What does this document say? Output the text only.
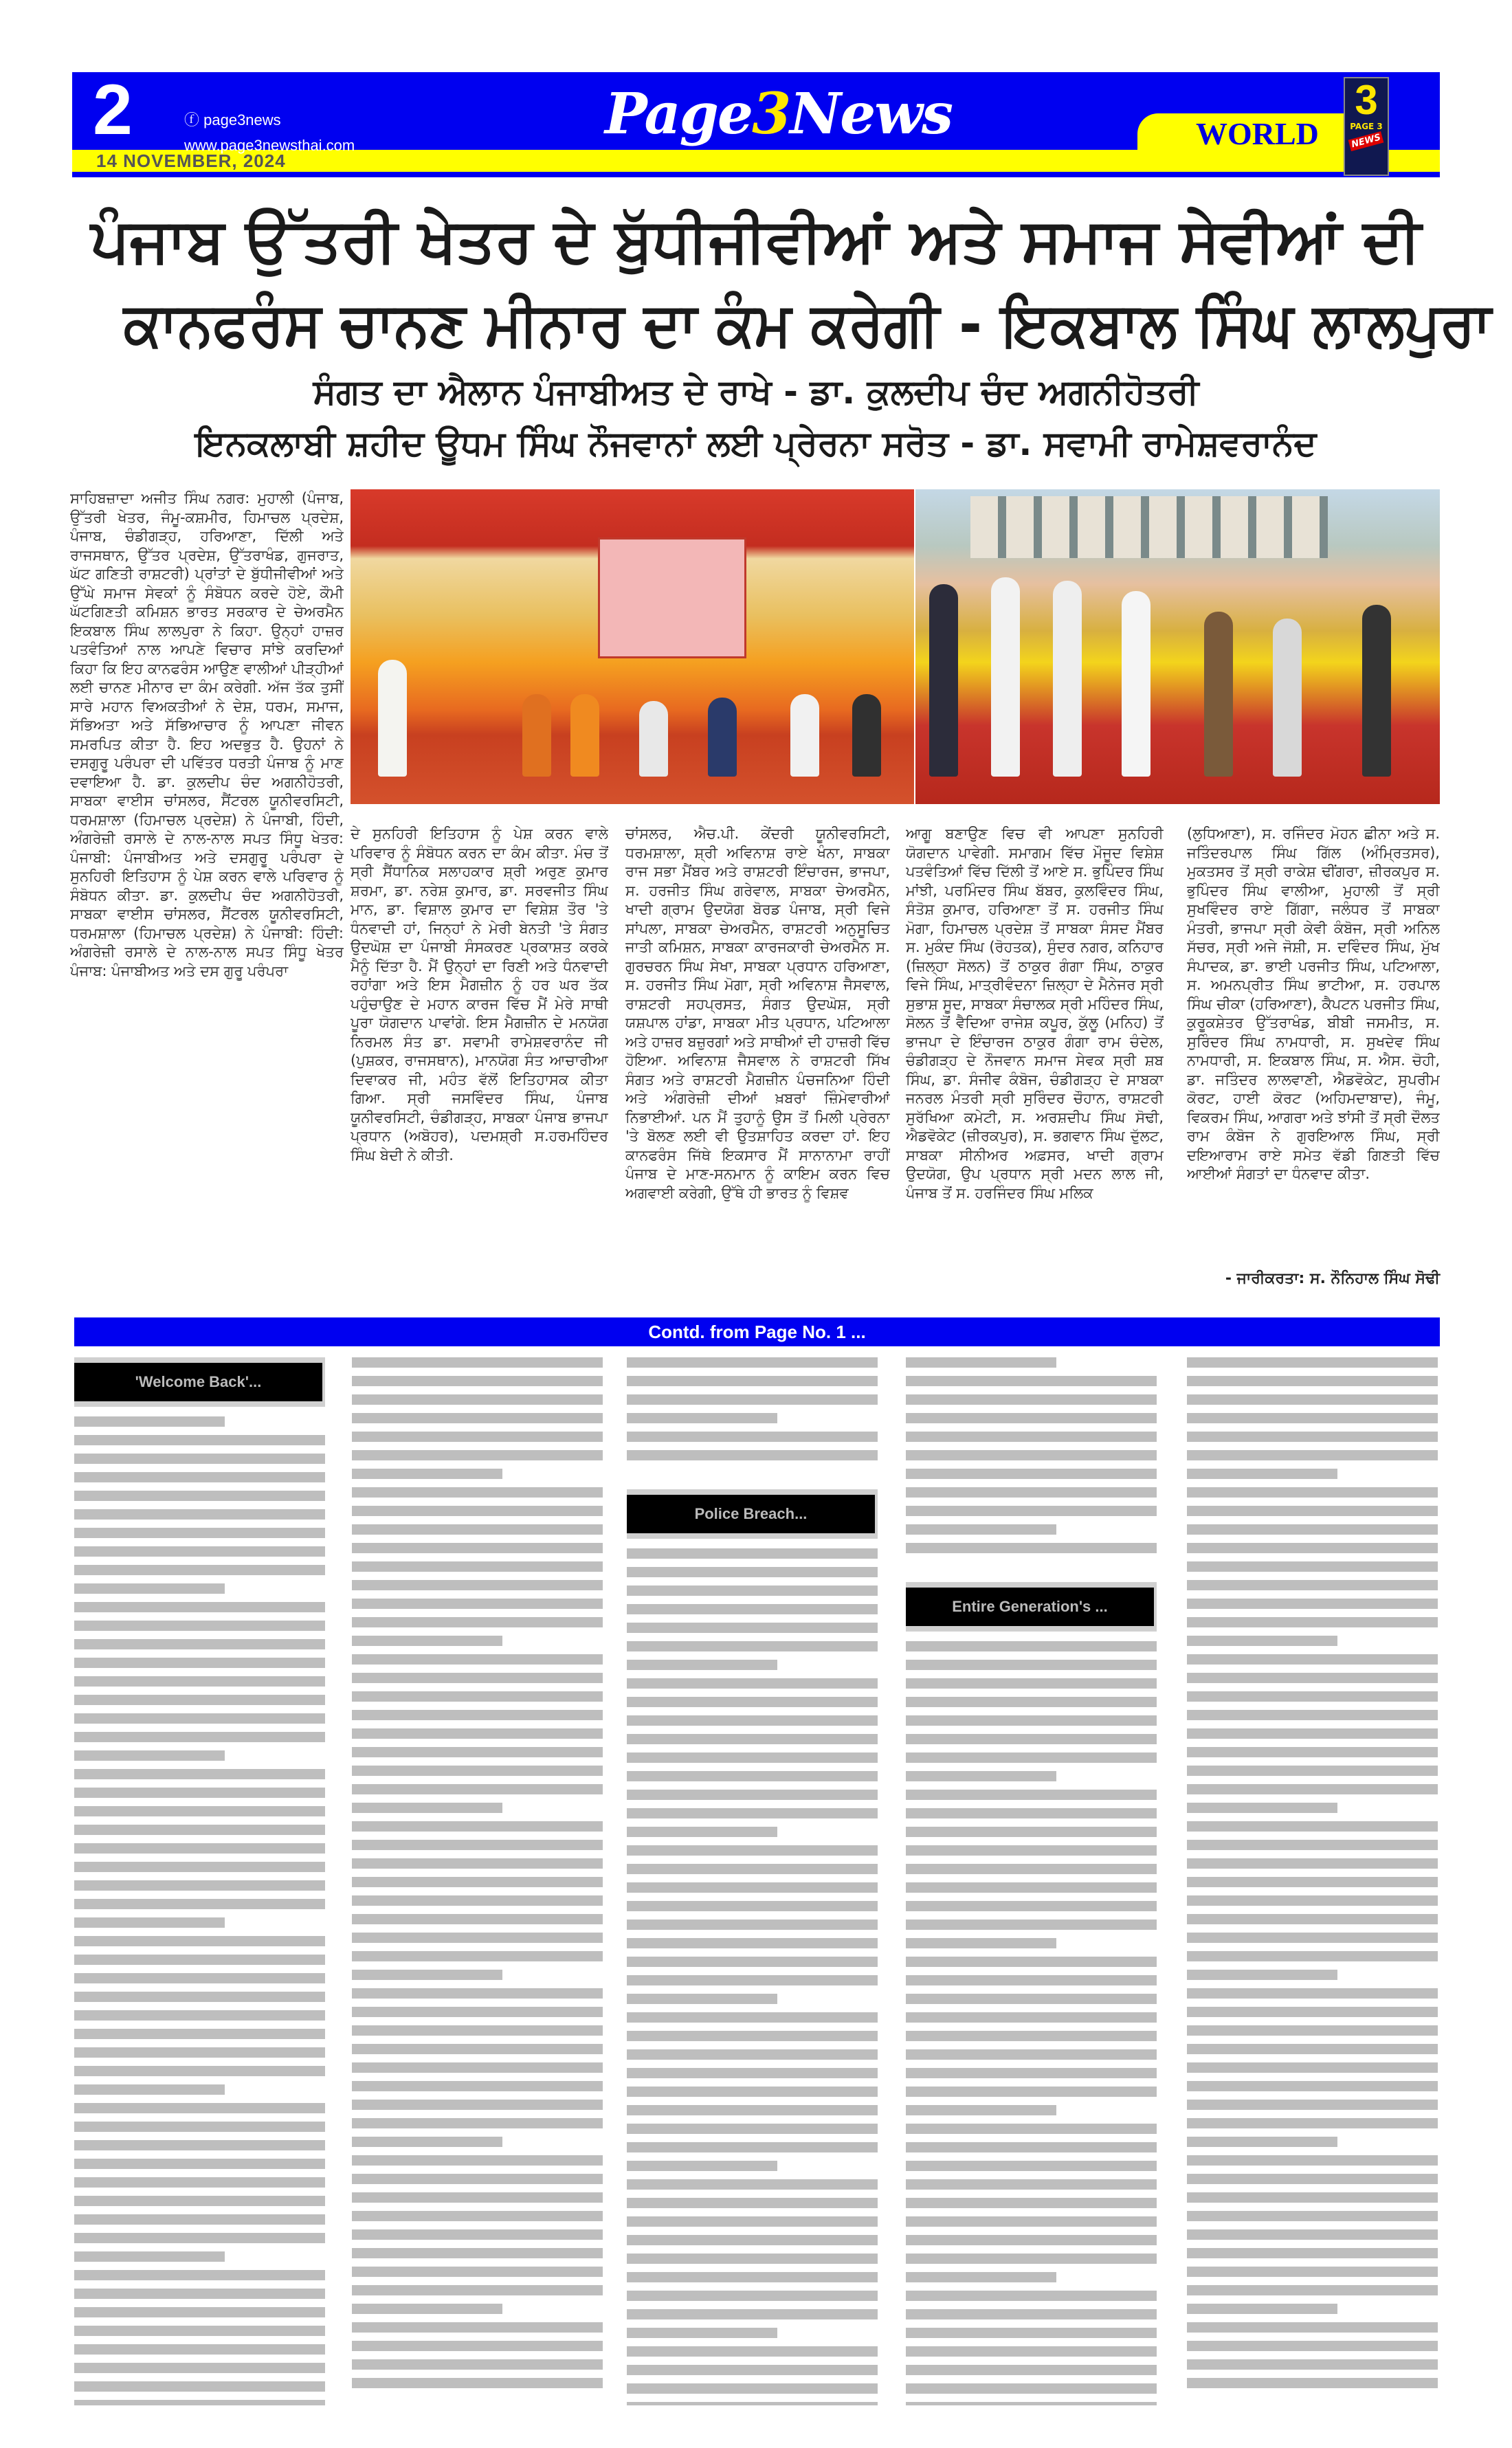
2	ⓕ page3news
www.page3newsthai.com
14 NOVEMBER, 2024
Page3News	WORLD
3
PAGE 3
NEWS
ਪੰਜਾਬ ਉੱਤਰੀ ਖੇਤਰ ਦੇ ਬੁੱਧੀਜੀਵੀਆਂ ਅਤੇ ਸਮਾਜ ਸੇਵੀਆਂ ਦੀ
ਕਾਨਫਰੰਸ ਚਾਨਣ ਮੀਨਾਰ ਦਾ ਕੰਮ ਕਰੇਗੀ - ਇਕਬਾਲ ਸਿੰਘ ਲਾਲਪੁਰਾ
ਸੰਗਤ ਦਾ ਐਲਾਨ ਪੰਜਾਬੀਅਤ ਦੇ ਰਾਖੇ - ਡਾ. ਕੁਲਦੀਪ ਚੰਦ ਅਗਨੀਹੋਤਰੀ
ਇਨਕਲਾਬੀ ਸ਼ਹੀਦ ਊਧਮ ਸਿੰਘ ਨੌਜਵਾਨਾਂ ਲਈ ਪ੍ਰੇਰਨਾ ਸਰੋਤ - ਡਾ. ਸਵਾਮੀ ਰਾਮੇਸ਼ਵਰਾਨੰਦ

ਸਾਹਿਬਜ਼ਾਦਾ ਅਜੀਤ ਸਿੰਘ ਨਗਰ: ਮੁਹਾਲੀ (ਪੰਜਾਬ, ਉੱਤਰੀ ਖੇਤਰ, ਜੰਮੂ-ਕਸ਼ਮੀਰ, ਹਿਮਾਚਲ ਪ੍ਰਦੇਸ਼, ਪੰਜਾਬ, ਚੰਡੀਗੜ੍ਹ, ਹਰਿਆਣਾ, ਦਿੱਲੀ ਅਤੇ ਰਾਜਸਥਾਨ, ਉੱਤਰ ਪ੍ਰਦੇਸ਼, ਉੱਤਰਾਖੰਡ, ਗੁਜਰਾਤ, ਘੱਟ ਗਣਿਤੀ ਰਾਸ਼ਟਰੀ) ਪ੍ਰਾਂਤਾਂ ਦੇ ਬੁੱਧੀਜੀਵੀਆਂ ਅਤੇ ਉੱਘੇ ਸਮਾਜ ਸੇਵਕਾਂ ਨੂੰ ਸੰਬੋਧਨ ਕਰਦੇ ਹੋਏ, ਕੌਮੀ ਘੱਟਗਿਣਤੀ ਕਮਿਸ਼ਨ ਭਾਰਤ ਸਰਕਾਰ ਦੇ ਚੇਅਰਮੈਨ ਇਕਬਾਲ ਸਿੰਘ ਲਾਲਪੁਰਾ ਨੇ ਕਿਹਾ. ਉਨ੍ਹਾਂ ਹਾਜ਼ਰ ਪਤਵੰਤਿਆਂ ਨਾਲ ਆਪਣੇ ਵਿਚਾਰ ਸਾਂਝੇ ਕਰਦਿਆਂ ਕਿਹਾ ਕਿ ਇਹ ਕਾਨਫਰੰਸ ਆਉਣ ਵਾਲੀਆਂ ਪੀੜ੍ਹੀਆਂ ਲਈ ਚਾਨਣ ਮੀਨਾਰ ਦਾ ਕੰਮ ਕਰੇਗੀ. ਅੱਜ ਤੱਕ ਤੁਸੀਂ ਸਾਰੇ ਮਹਾਨ ਵਿਅਕਤੀਆਂ ਨੇ ਦੇਸ਼, ਧਰਮ, ਸਮਾਜ, ਸੱਭਿਅਤਾ ਅਤੇ ਸੱਭਿਆਚਾਰ ਨੂੰ ਆਪਣਾ ਜੀਵਨ ਸਮਰਪਿਤ ਕੀਤਾ ਹੈ. ਇਹ ਅਦਭੁਤ ਹੈ. ਉਹਨਾਂ ਨੇ ਦਸਗੁਰੂ ਪਰੰਪਰਾ ਦੀ ਪਵਿੱਤਰ ਧਰਤੀ ਪੰਜਾਬ ਨੂੰ ਮਾਣ ਦਵਾਇਆ ਹੈ. ਡਾ. ਕੁਲਦੀਪ ਚੰਦ ਅਗਨੀਹੋਤਰੀ, ਸਾਬਕਾ ਵਾਈਸ ਚਾਂਸਲਰ, ਸੈਂਟਰਲ ਯੂਨੀਵਰਸਿਟੀ, ਧਰਮਸ਼ਾਲਾ (ਹਿਮਾਚਲ ਪ੍ਰਦੇਸ਼) ਨੇ ਪੰਜਾਬੀ, ਹਿੰਦੀ, ਅੰਗਰੇਜ਼ੀ ਰਸਾਲੇ ਦੇ ਨਾਲ-ਨਾਲ ਸਪਤ ਸਿੰਧੂ ਖੇਤਰ: ਪੰਜਾਬੀ: ਪੰਜਾਬੀਅਤ ਅਤੇ ਦਸਗੁਰੂ ਪਰੰਪਰਾ ਦੇ ਸੁਨਹਿਰੀ ਇਤਿਹਾਸ ਨੂੰ ਪੇਸ਼ ਕਰਨ ਵਾਲੇ ਪਰਿਵਾਰ ਨੂੰ ਸੰਬੋਧਨ ਕੀਤਾ. ਡਾ. ਕੁਲਦੀਪ ਚੰਦ ਅਗਨੀਹੋਤਰੀ, ਸਾਬਕਾ ਵਾਈਸ ਚਾਂਸਲਰ, ਸੈਂਟਰਲ ਯੂਨੀਵਰਸਿਟੀ, ਧਰਮਸ਼ਾਲਾ (ਹਿਮਾਚਲ ਪ੍ਰਦੇਸ਼) ਨੇ ਪੰਜਾਬੀ: ਹਿੰਦੀ: ਅੰਗਰੇਜ਼ੀ ਰਸਾਲੇ ਦੇ ਨਾਲ-ਨਾਲ ਸਪਤ ਸਿੰਧੂ ਖੇਤਰ ਪੰਜਾਬ: ਪੰਜਾਬੀਅਤ ਅਤੇ ਦਸ ਗੁਰੂ ਪਰੰਪਰਾ

ਦੇ ਸੁਨਹਿਰੀ ਇਤਿਹਾਸ ਨੂੰ ਪੇਸ਼ ਕਰਨ ਵਾਲੇ ਪਰਿਵਾਰ ਨੂੰ ਸੰਬੋਧਨ ਕਰਨ ਦਾ ਕੰਮ ਕੀਤਾ. ਮੰਚ ਤੋਂ ਸ੍ਰੀ ਸੈਂਧਾਨਿਕ ਸਲਾਹਕਾਰ ਸ਼੍ਰੀ ਅਰੁਣ ਕੁਮਾਰ ਸ਼ਰਮਾ, ਡਾ. ਨਰੇਸ਼ ਕੁਮਾਰ, ਡਾ. ਸਰਵਜੀਤ ਸਿੰਘ ਮਾਨ, ਡਾ. ਵਿਸ਼ਾਲ ਕੁਮਾਰ ਦਾ ਵਿਸ਼ੇਸ਼ ਤੌਰ 'ਤੇ ਧੰਨਵਾਦੀ ਹਾਂ, ਜਿਨ੍ਹਾਂ ਨੇ ਮੇਰੀ ਬੇਨਤੀ 'ਤੇ ਸੰਗਤ ਉਦਘੋਸ਼ ਦਾ ਪੰਜਾਬੀ ਸੰਸਕਰਣ ਪ੍ਰਕਾਸ਼ਤ ਕਰਕੇ ਮੈਨੂੰ ਦਿੱਤਾ ਹੈ. ਮੈਂ ਉਨ੍ਹਾਂ ਦਾ ਰਿਣੀ ਅਤੇ ਧੰਨਵਾਦੀ ਰਹਾਂਗਾ ਅਤੇ ਇਸ ਮੈਗਜ਼ੀਨ ਨੂੰ ਹਰ ਘਰ ਤੱਕ ਪਹੁੰਚਾਉਣ ਦੇ ਮਹਾਨ ਕਾਰਜ ਵਿੱਚ ਮੈਂ ਮੇਰੇ ਸਾਥੀ ਪੂਰਾ ਯੋਗਦਾਨ ਪਾਵਾਂਗੇ. ਇਸ ਮੈਗਜ਼ੀਨ ਦੇ ਮਨਯੋਗ ਨਿਰਮਲ ਸੰਤ ਡਾ. ਸਵਾਮੀ ਰਾਮੇਸ਼ਵਰਾਨੰਦ ਜੀ (ਪੁਸ਼ਕਰ, ਰਾਜਸਥਾਨ), ਮਾਨਯੋਗ ਸੰਤ ਆਚਾਰੀਆ ਦਿਵਾਕਰ ਜੀ, ਮਹੰਤ ਵੱਲੋਂ ਇਤਿਹਾਸਕ ਕੀਤਾ ਗਿਆ. ਸ੍ਰੀ ਜਸਵਿੰਦਰ ਸਿੰਘ, ਪੰਜਾਬ ਯੂਨੀਵਰਸਿਟੀ, ਚੰਡੀਗੜ੍ਹ, ਸਾਬਕਾ ਪੰਜਾਬ ਭਾਜਪਾ ਪ੍ਰਧਾਨ (ਅਬੋਹਰ), ਪਦਮਸ਼੍ਰੀ ਸ.ਹਰਮਹਿੰਦਰ ਸਿੰਘ ਬੇਦੀ ਨੇ ਕੀਤੀ.

ਚਾਂਸਲਰ, ਐਚ.ਪੀ. ਕੇਂਦਰੀ ਯੂਨੀਵਰਸਿਟੀ, ਧਰਮਸ਼ਾਲਾ, ਸ਼੍ਰੀ ਅਵਿਨਾਸ਼ ਰਾਏ ਖੰਨਾ, ਸਾਬਕਾ ਰਾਜ ਸਭਾ ਮੈਂਬਰ ਅਤੇ ਰਾਸ਼ਟਰੀ ਇੰਚਾਰਜ, ਭਾਜਪਾ, ਸ. ਹਰਜੀਤ ਸਿੰਘ ਗਰੇਵਾਲ, ਸਾਬਕਾ ਚੇਅਰਮੈਨ, ਖਾਦੀ ਗ੍ਰਾਮ ਉਦਯੋਗ ਬੋਰਡ ਪੰਜਾਬ, ਸ੍ਰੀ ਵਿਜੇ ਸਾਂਪਲਾ, ਸਾਬਕਾ ਚੇਅਰਮੈਨ, ਰਾਸ਼ਟਰੀ ਅਨੁਸੂਚਿਤ ਜਾਤੀ ਕਮਿਸ਼ਨ, ਸਾਬਕਾ ਕਾਰਜਕਾਰੀ ਚੇਅਰਮੈਨ ਸ. ਗੁਰਚਰਨ ਸਿੰਘ ਸੇਖਾ, ਸਾਬਕਾ ਪ੍ਰਧਾਨ ਹਰਿਆਣਾ, ਸ. ਹਰਜੀਤ ਸਿੰਘ ਮੋਗਾ, ਸ੍ਰੀ ਅਵਿਨਾਸ਼ ਜੈਸਵਾਲ, ਰਾਸ਼ਟਰੀ ਸਹਪ੍ਰਸਤ, ਸੰਗਤ ਉਦਘੋਸ਼, ਸ੍ਰੀ ਯਸ਼ਪਾਲ ਹਾਂਡਾ, ਸਾਬਕਾ ਮੀਤ ਪ੍ਰਧਾਨ, ਪਟਿਆਲਾ ਅਤੇ ਹਾਜ਼ਰ ਬਜ਼ੁਰਗਾਂ ਅਤੇ ਸਾਥੀਆਂ ਦੀ ਹਾਜ਼ਰੀ ਵਿੱਚ ਹੋਇਆ. ਅਵਿਨਾਸ਼ ਜੈਸਵਾਲ ਨੇ ਰਾਸ਼ਟਰੀ ਸਿੱਖ ਸੰਗਤ ਅਤੇ ਰਾਸ਼ਟਰੀ ਮੈਗਜ਼ੀਨ ਪੰਚਜਨਿਆ ਹਿੰਦੀ ਅਤੇ ਅੰਗਰੇਜ਼ੀ ਦੀਆਂ ਖ਼ਬਰਾਂ ਜ਼ਿੰਮੇਵਾਰੀਆਂ ਨਿਭਾਈਆਂ. ਪਨ ਮੈਂ ਤੁਹਾਨੂੰ ਉਸ ਤੋਂ ਮਿਲੀ ਪ੍ਰੇਰਨਾ 'ਤੇ ਬੋਲਣ ਲਈ ਵੀ ਉਤਸ਼ਾਹਿਤ ਕਰਦਾ ਹਾਂ. ਇਹ ਕਾਨਫਰੰਸ ਜਿੱਥੇ ਇਕਸਾਰ ਮੈਂ ਸਾਨਾਨਾਮਾ ਰਾਹੀਂ ਪੰਜਾਬ ਦੇ ਮਾਣ-ਸਨਮਾਨ ਨੂੰ ਕਾਇਮ ਕਰਨ ਵਿਚ ਅਗਵਾਈ ਕਰੇਗੀ, ਉੱਥੇ ਹੀ ਭਾਰਤ ਨੂੰ ਵਿਸ਼ਵ

ਆਗੂ ਬਣਾਉਣ ਵਿਚ ਵੀ ਆਪਣਾ ਸੁਨਹਿਰੀ ਯੋਗਦਾਨ ਪਾਵੇਗੀ. ਸਮਾਗਮ ਵਿੱਚ ਮੌਜੂਦ ਵਿਸ਼ੇਸ਼ ਪਤਵੰਤਿਆਂ ਵਿੱਚ ਦਿੱਲੀ ਤੋਂ ਆਏ ਸ. ਭੁਪਿੰਦਰ ਸਿੰਘ ਮਾਂਝੀ, ਪਰਮਿੰਦਰ ਸਿੰਘ ਬੱਬਰ, ਕੁਲਵਿੰਦਰ ਸਿੰਘ, ਸੰਤੋਸ਼ ਕੁਮਾਰ, ਹਰਿਆਣਾ ਤੋਂ ਸ. ਹਰਜੀਤ ਸਿੰਘ ਮੋਗਾ, ਹਿਮਾਚਲ ਪ੍ਰਦੇਸ਼ ਤੋਂ ਸਾਬਕਾ ਸੰਸਦ ਮੈਂਬਰ ਸ. ਮੁਕੰਦ ਸਿੰਘ (ਰੋਹਤਕ), ਸੁੰਦਰ ਨਗਰ, ਕਨਿਹਾਰ (ਜ਼ਿਲ੍ਹਾ ਸੋਲਨ) ਤੋਂ ਠਾਕੁਰ ਗੰਗਾ ਸਿੰਘ, ਠਾਕੁਰ ਵਿਜੇ ਸਿੰਘ, ਮਾਤ੍ਰੀਵੰਦਨਾ ਜ਼ਿਲ੍ਹਾ ਦੇ ਮੈਨੇਜਰ ਸ੍ਰੀ ਸੁਭਾਸ਼ ਸੂਦ, ਸਾਬਕਾ ਸੰਚਾਲਕ ਸ੍ਰੀ ਮਹਿੰਦਰ ਸਿੰਘ, ਸੋਲਨ ਤੋਂ ਵੈਦਿਆ ਰਾਜੇਸ਼ ਕਪੂਰ, ਕੁੱਲੂ (ਮਨਿਹ) ਤੋਂ ਭਾਜਪਾ ਦੇ ਇੰਚਾਰਜ ਠਾਕੁਰ ਗੰਗਾ ਰਾਮ ਚੰਦੇਲ, ਚੰਡੀਗੜ੍ਹ ਦੇ ਨੌਜਵਾਨ ਸਮਾਜ ਸੇਵਕ ਸ੍ਰੀ ਸ਼ਬ ਸਿੰਘ, ਡਾ. ਸੰਜੀਵ ਕੰਬੋਜ, ਚੰਡੀਗੜ੍ਹ ਦੇ ਸਾਬਕਾ ਜਨਰਲ ਮੰਤਰੀ ਸ੍ਰੀ ਸੁਰਿੰਦਰ ਚੌਹਾਨ, ਰਾਸ਼ਟਰੀ ਸੁਰੱਖਿਆ ਕਮੇਟੀ, ਸ. ਅਰਸ਼ਦੀਪ ਸਿੰਘ ਸੋਢੀ, ਐਡਵੋਕੇਟ (ਜ਼ੀਰਕਪੁਰ), ਸ. ਭਗਵਾਨ ਸਿੰਘ ਦੁੱਲਟ, ਸਾਬਕਾ ਸੀਨੀਅਰ ਅਫ਼ਸਰ, ਖਾਦੀ ਗ੍ਰਾਮ ਉਦਯੋਗ, ਉਪ ਪ੍ਰਧਾਨ ਸ੍ਰੀ ਮਦਨ ਲਾਲ ਜੀ, ਪੰਜਾਬ ਤੋਂ ਸ. ਹਰਜਿੰਦਰ ਸਿੰਘ ਮਲਿਕ

(ਲੁਧਿਆਣਾ), ਸ. ਰਜਿੰਦਰ ਮੋਹਨ ਛੀਨਾ ਅਤੇ ਸ. ਜਤਿੰਦਰਪਾਲ ਸਿੰਘ ਗਿੱਲ (ਅੰਮ੍ਰਿਤਸਰ), ਮੁਕਤਸਰ ਤੋਂ ਸ੍ਰੀ ਰਾਕੇਸ਼ ਢੀਂਗਰਾ, ਜ਼ੀਰਕਪੁਰ ਸ. ਭੁਪਿੰਦਰ ਸਿੰਘ ਵਾਲੀਆ, ਮੁਹਾਲੀ ਤੋਂ ਸ੍ਰੀ ਸੁਖਵਿੰਦਰ ਰਾਏ ਗਿੱਗਾ, ਜਲੰਧਰ ਤੋਂ ਸਾਬਕਾ ਮੰਤਰੀ, ਭਾਜਪਾ ਸ੍ਰੀ ਕੇਵੀ ਕੰਬੋਜ, ਸ੍ਰੀ ਅਨਿਲ ਸੱਚਰ, ਸ੍ਰੀ ਅਜੇ ਜੋਸ਼ੀ, ਸ. ਦਵਿੰਦਰ ਸਿੰਘ, ਮੁੱਖ ਸੰਪਾਦਕ, ਡਾ. ਭਾਈ ਪਰਜੀਤ ਸਿੰਘ, ਪਟਿਆਲਾ, ਸ. ਅਮਨਪ੍ਰੀਤ ਸਿੰਘ ਭਾਟੀਆ, ਸ. ਹਰਪਾਲ ਸਿੰਘ ਚੀਕਾ (ਹਰਿਆਣਾ), ਕੈਪਟਨ ਪਰਜੀਤ ਸਿੰਘ, ਕੁਰੂਕਸ਼ੇਤਰ ਉੱਤਰਾਖੰਡ, ਬੀਬੀ ਜਸਮੀਤ, ਸ. ਸੁਰਿੰਦਰ ਸਿੰਘ ਨਾਮਧਾਰੀ, ਸ. ਸੁਖਦੇਵ ਸਿੰਘ ਨਾਮਧਾਰੀ, ਸ. ਇਕਬਾਲ ਸਿੰਘ, ਸ. ਐਸ. ਚੋਹੀ, ਡਾ. ਜਤਿੰਦਰ ਲਾਲਵਾਣੀ, ਐਡਵੋਕੇਟ, ਸੁਪਰੀਮ ਕੋਰਟ, ਹਾਈ ਕੋਰਟ (ਅਹਿਮਦਾਬਾਦ), ਜੰਮੂ, ਵਿਕਰਮ ਸਿੰਘ, ਆਗਰਾ ਅਤੇ ਝਾਂਸੀ ਤੋਂ ਸ੍ਰੀ ਦੌਲਤ ਰਾਮ ਕੰਬੋਜ ਨੇ ਗੁਰਇਆਲ ਸਿੰਘ, ਸ੍ਰੀ ਦਇਆਰਾਮ ਰਾਏ ਸਮੇਤ ਵੱਡੀ ਗਿਣਤੀ ਵਿੱਚ ਆਈਆਂ ਸੰਗਤਾਂ ਦਾ ਧੰਨਵਾਦ ਕੀਤਾ.

- ਜਾਰੀਕਰਤਾ: ਸ. ਨੌਨਿਹਾਲ ਸਿੰਘ ਸੋਢੀ
Contd. from Page No. 1 ...
'Welcome Back'...
Police Breach...
Entire Generation's ...
